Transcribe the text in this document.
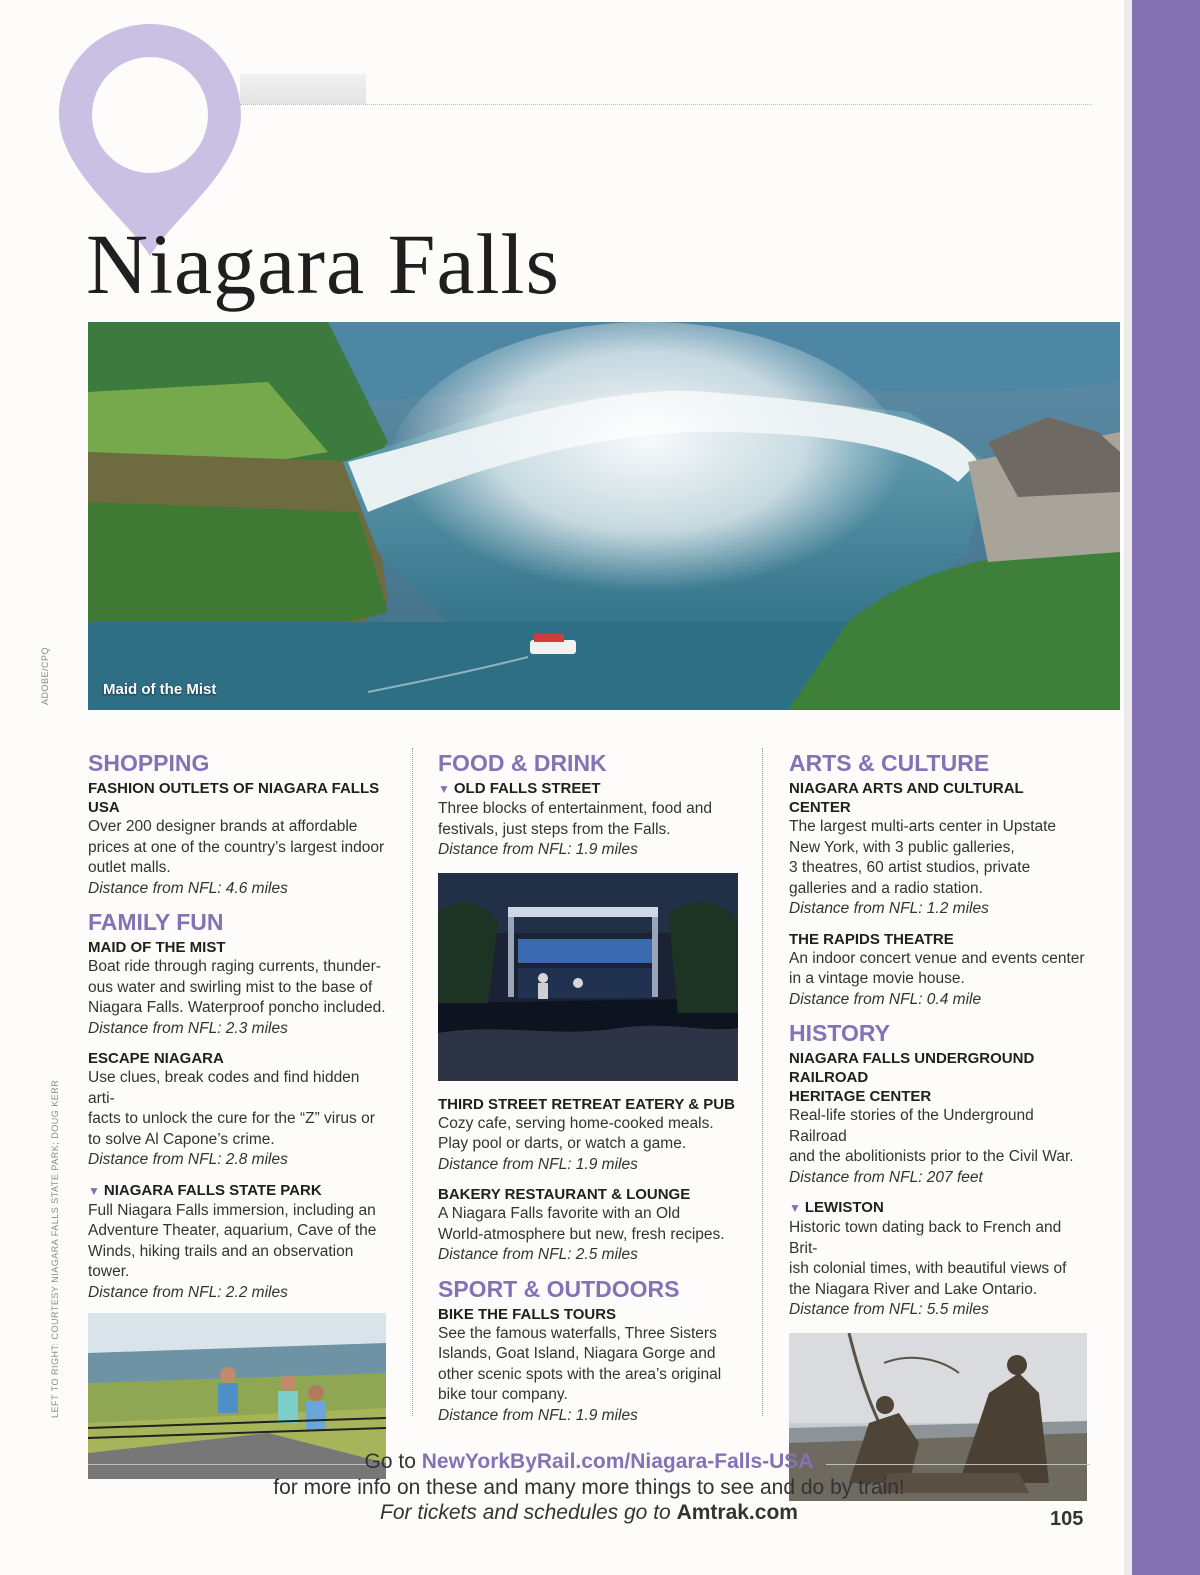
Niagara Falls
Maid of the Mist
ADOBE/CPQ
LEFT TO RIGHT: COURTESY NIAGARA FALLS STATE PARK; DOUG KERR
SHOPPING
FASHION OUTLETS OF NIAGARA FALLS USA
Over 200 designer brands at affordable
prices at one of the country’s largest indoor
outlet malls.
Distance from NFL: 4.6 miles
FAMILY FUN
MAID OF THE MIST
Boat ride through raging currents, thunder-
ous water and swirling mist to the base of
Niagara Falls. Waterproof poncho included.
Distance from NFL: 2.3 miles
ESCAPE NIAGARA
Use clues, break codes and find hidden arti-
facts to unlock the cure for the “Z” virus or
to solve Al Capone’s crime.
Distance from NFL: 2.8 miles
▼ NIAGARA FALLS STATE PARK
Full Niagara Falls immersion, including an
Adventure Theater, aquarium, Cave of the
Winds, hiking trails and an observation tower.
Distance from NFL: 2.2 miles
FOOD & DRINK
▼ OLD FALLS STREET
Three blocks of entertainment, food and
festivals, just steps from the Falls.
Distance from NFL: 1.9 miles
THIRD STREET RETREAT EATERY & PUB
Cozy cafe, serving home-cooked meals.
Play pool or darts, or watch a game.
Distance from NFL: 1.9 miles
BAKERY RESTAURANT & LOUNGE
A Niagara Falls favorite with an Old
World-atmosphere but new, fresh recipes.
Distance from NFL: 2.5 miles
SPORT & OUTDOORS
BIKE THE FALLS TOURS
See the famous waterfalls, Three Sisters
Islands, Goat Island, Niagara Gorge and
other scenic spots with the area’s original
bike tour company.
Distance from NFL: 1.9 miles
ARTS & CULTURE
NIAGARA ARTS AND CULTURAL CENTER
The largest multi-arts center in Upstate
New York, with 3 public galleries,
3 theatres, 60 artist studios, private
galleries and a radio station.
Distance from NFL: 1.2 miles
THE RAPIDS THEATRE
An indoor concert venue and events center
in a vintage movie house.
Distance from NFL: 0.4 mile
HISTORY
NIAGARA FALLS UNDERGROUND RAILROAD
HERITAGE CENTER
Real-life stories of the Underground Railroad
and the abolitionists prior to the Civil War.
Distance from NFL: 207 feet
▼ LEWISTON
Historic town dating back to French and Brit-
ish colonial times, with beautiful views of
the Niagara River and Lake Ontario.
Distance from NFL: 5.5 miles
Go to NewYorkByRail.com/Niagara-Falls-USA
for more info on these and many more things to see and do by train!
For tickets and schedules go to Amtrak.com	105
